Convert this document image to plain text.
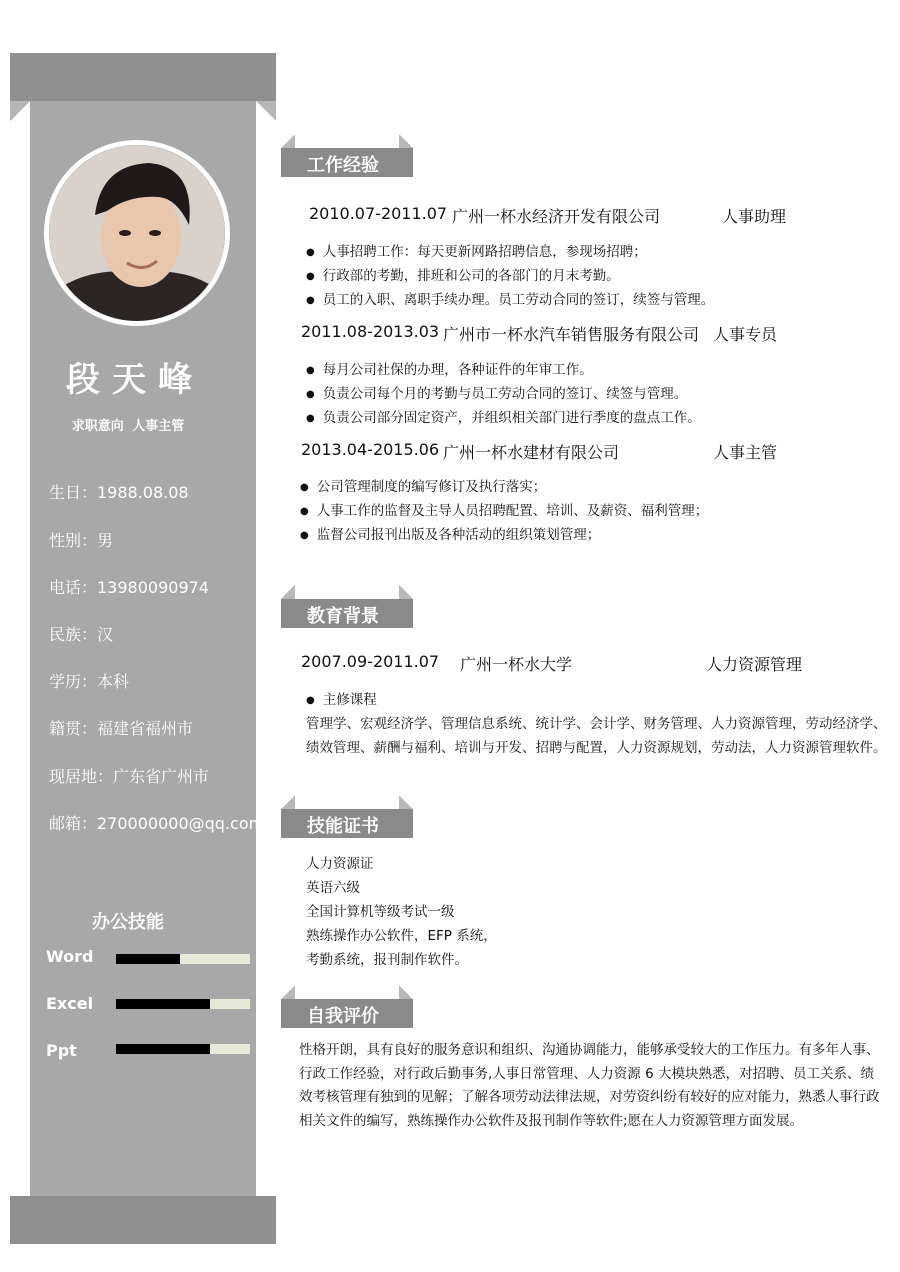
段天峰
求职意向 人事主管
生日：1988.08.08
性别：男
电话：13980090974
民族：汉
学历：本科
籍贯：福建省福州市
现居地：广东省广州市
邮箱：270000000@qq.com
办公技能
Word
Excel
Ppt
工作经验
2010.07-2011.07 广州一杯水经济开发有限公司	人事助理
● 人事招聘工作：每天更新网路招聘信息，参现场招聘；
● 行政部的考勤，排班和公司的各部门的月末考勤。
● 员工的入职、离职手续办理。员工劳动合同的签订，续签与管理。
2011.08-2013.03 广州市一杯水汽车销售服务有限公司 人事专员
● 每月公司社保的办理，各种证件的年审工作。
● 负责公司每个月的考勤与员工劳动合同的签订、续签与管理。
● 负责公司部分固定资产，并组织相关部门进行季度的盘点工作。
2013.04-2015.06 广州一杯水建材有限公司	人事主管
● 公司管理制度的编写修订及执行落实；
● 人事工作的监督及主导人员招聘配置、培训、及薪资、福利管理；
● 监督公司报刊出版及各种活动的组织策划管理；
教育背景
2007.09-2011.07 广州一杯水大学	人力资源管理
● 主修课程
管理学、宏观经济学、管理信息系统、统计学、会计学、财务管理、人力资源管理，劳动经济学、
绩效管理、薪酬与福利、培训与开发、招聘与配置，人力资源规划，劳动法，人力资源管理软件。
技能证书
人力资源证
英语六级
全国计算机等级考试一级
熟练操作办公软件，EFP 系统，
考勤系统，报刊制作软件。
自我评价
性格开朗，具有良好的服务意识和组织、沟通协调能力，能够承受较大的工作压力。有多年人事、行政工作经验，对行政后勤事务,人事日常管理、人力资源 6 大模块熟悉，对招聘、员工关系、绩效考核管理有独到的见解；了解各项劳动法律法规，对劳资纠纷有较好的应对能力，熟悉人事行政相关文件的编写，熟练操作办公软件及报刊制作等软件;愿在人力资源管理方面发展。
